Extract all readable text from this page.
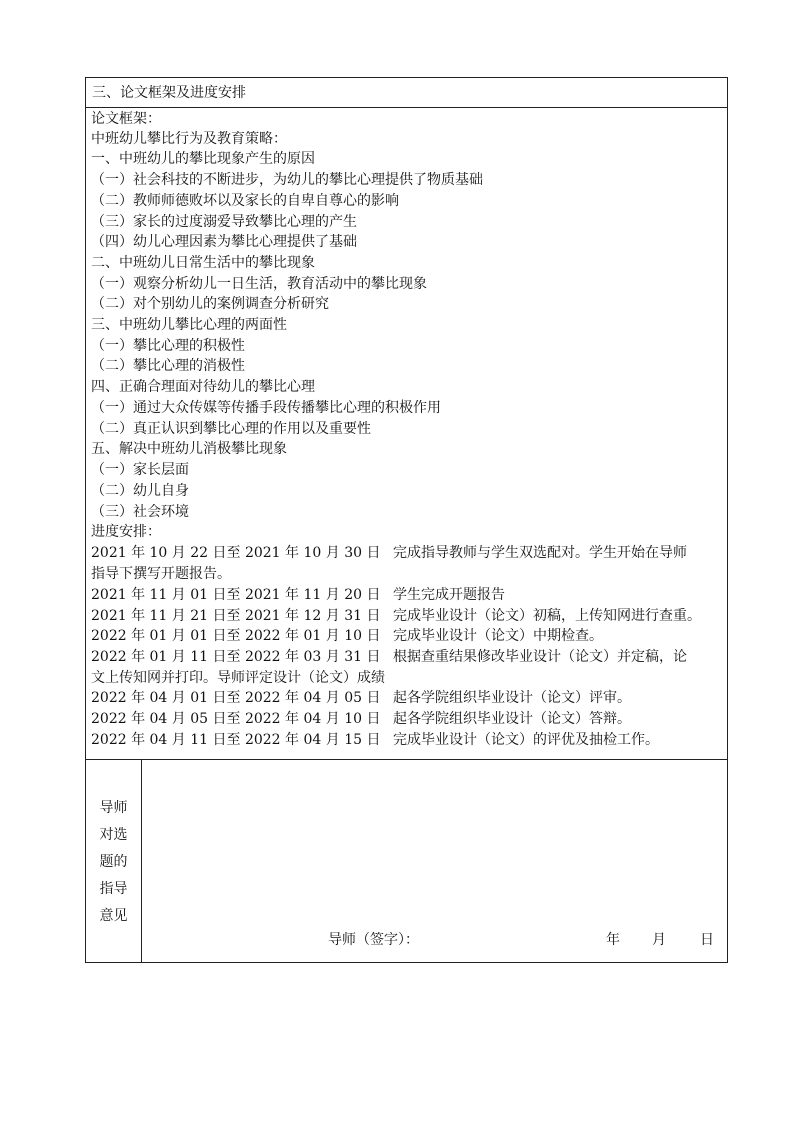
三、论文框架及进度安排
论文框架：
中班幼儿攀比行为及教育策略：
一、中班幼儿的攀比现象产生的原因
（一）社会科技的不断进步，为幼儿的攀比心理提供了物质基础
（二）教师师德败坏以及家长的自卑自尊心的影响
（三）家长的过度溺爱导致攀比心理的产生
（四）幼儿心理因素为攀比心理提供了基础
二、中班幼儿日常生活中的攀比现象
（一）观察分析幼儿一日生活，教育活动中的攀比现象
（二）对个别幼儿的案例调查分析研究
三、中班幼儿攀比心理的两面性
（一）攀比心理的积极性
（二）攀比心理的消极性
四、正确合理面对待幼儿的攀比心理
（一）通过大众传媒等传播手段传播攀比心理的积极作用
（二）真正认识到攀比心理的作用以及重要性
五、解决中班幼儿消极攀比现象
（一）家长层面
（二）幼儿自身
（三）社会环境
进度安排：
2021 年 10 月 22 日至 2021 年 10 月 30 日 完成指导教师与学生双选配对。学生开始在导师
指导下撰写开题报告。
2021 年 11 月 01 日至 2021 年 11 月 20 日 学生完成开题报告
2021 年 11 月 21 日至 2021 年 12 月 31 日 完成毕业设计（论文）初稿，上传知网进行查重。
2022 年 01 月 01 日至 2022 年 01 月 10 日 完成毕业设计（论文）中期检查。
2022 年 01 月 11 日至 2022 年 03 月 31 日 根据查重结果修改毕业设计（论文）并定稿，论
文上传知网并打印。导师评定设计（论文）成绩
2022 年 04 月 01 日至 2022 年 04 月 05 日 起各学院组织毕业设计（论文）评审。
2022 年 04 月 05 日至 2022 年 04 月 10 日 起各学院组织毕业设计（论文）答辩。
2022 年 04 月 11 日至 2022 年 04 月 15 日 完成毕业设计（论文）的评优及抽检工作。
导师
对选
题的
指导
意见
导师（签字）：	年 月 日
